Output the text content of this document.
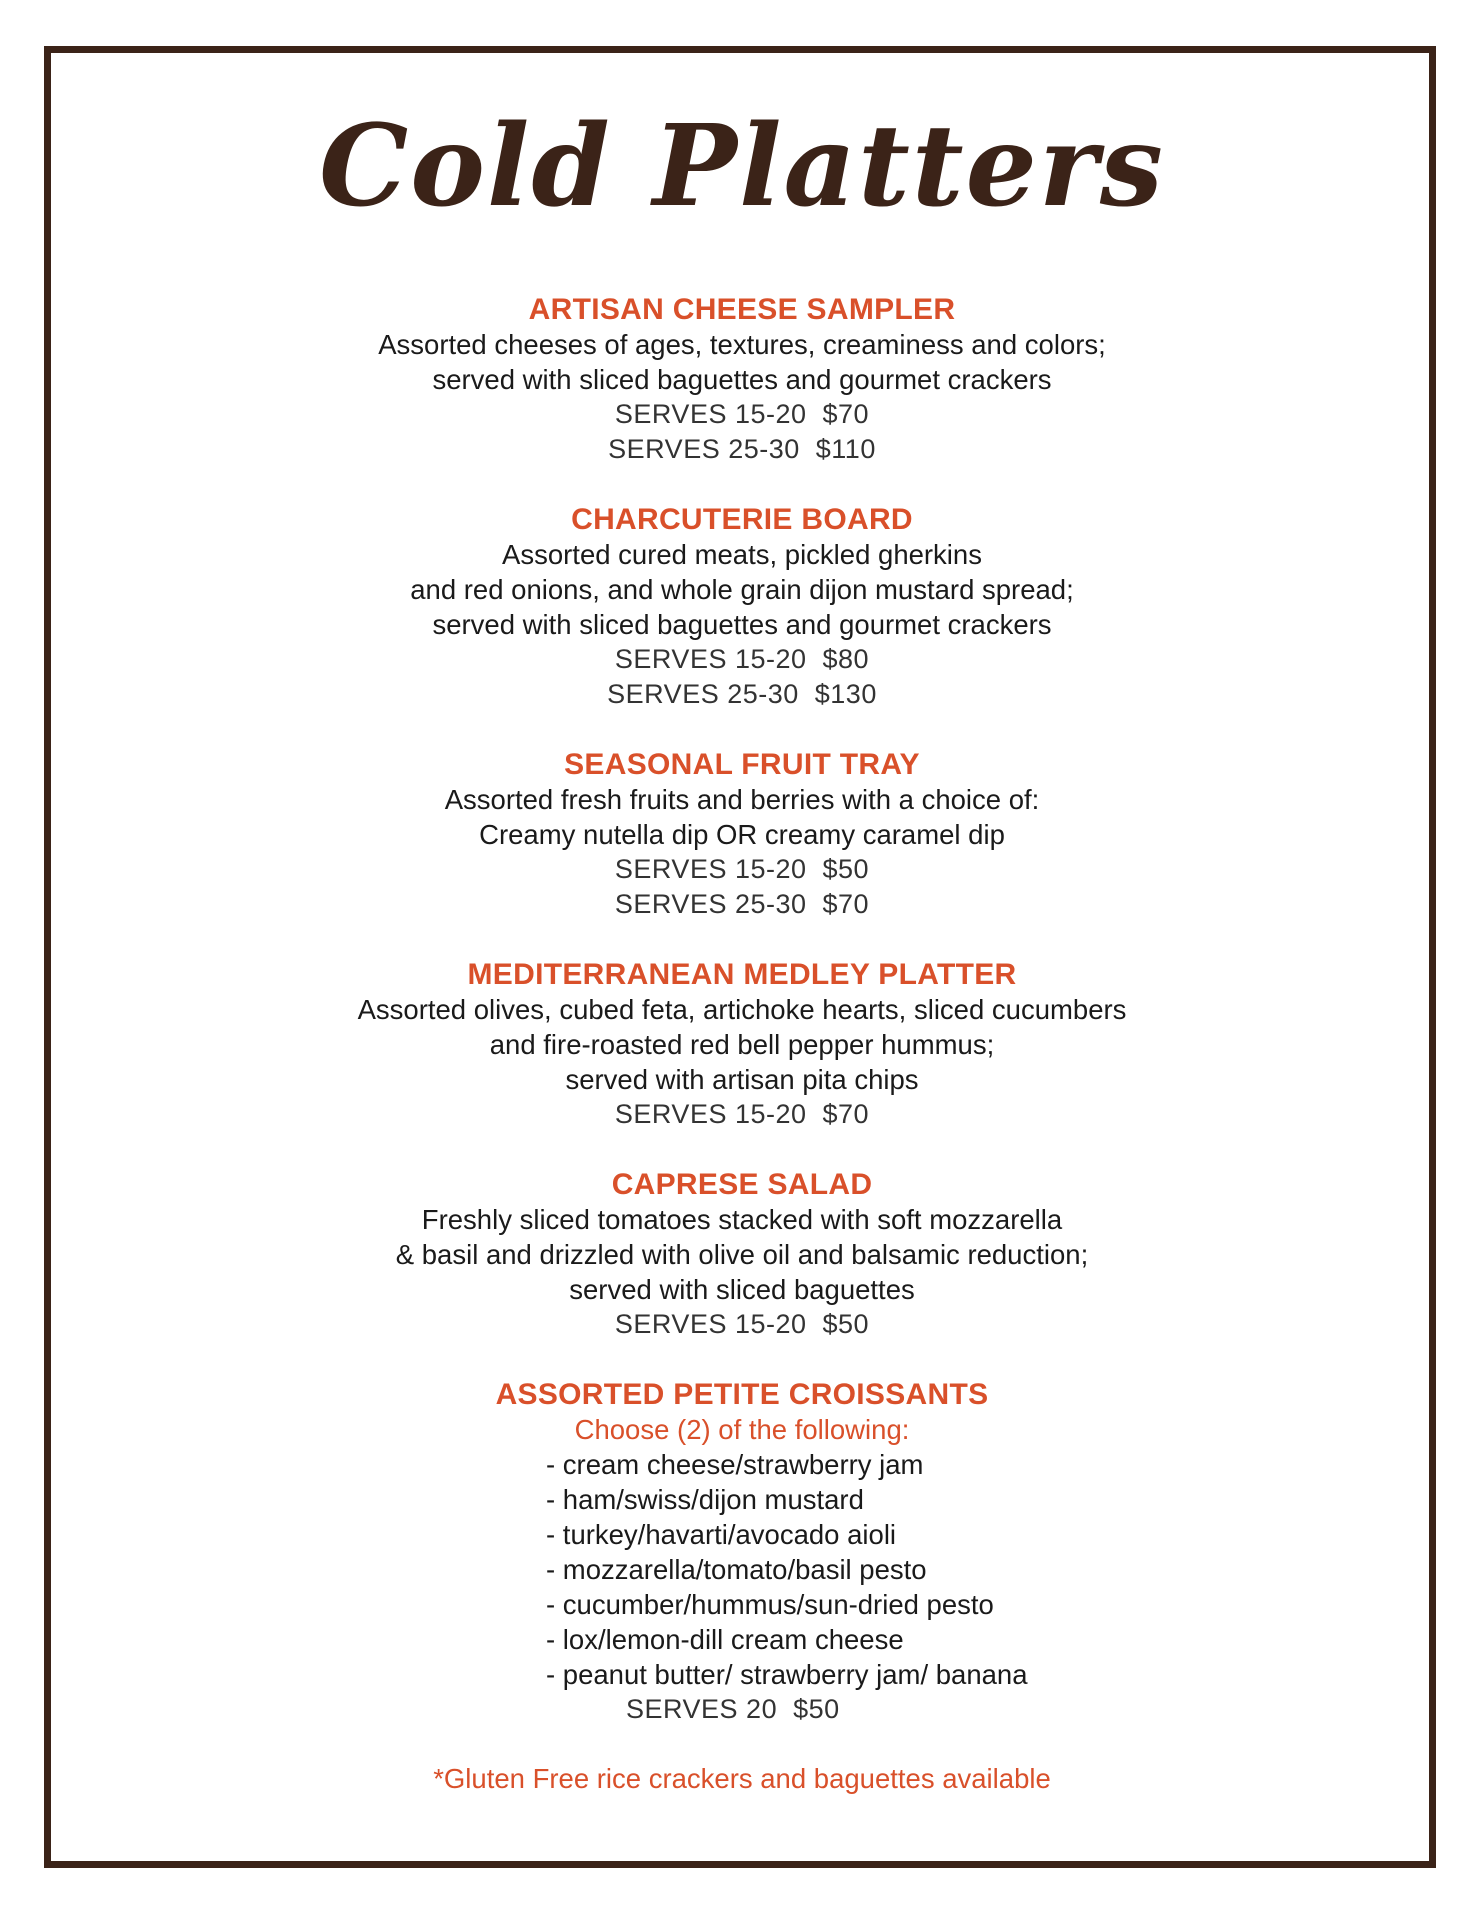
Cold Platters
ARTISAN CHEESE SAMPLER
Assorted cheeses of ages, textures, creaminess and colors;
served with sliced baguettes and gourmet crackers
SERVES 15-20  $70
SERVES 25-30  $110
CHARCUTERIE BOARD
Assorted cured meats, pickled gherkins
and red onions, and whole grain dijon mustard spread;
served with sliced baguettes and gourmet crackers
SERVES 15-20  $80
SERVES 25-30  $130
SEASONAL FRUIT TRAY
Assorted fresh fruits and berries with a choice of:
Creamy nutella dip OR creamy caramel dip
SERVES 15-20  $50
SERVES 25-30  $70
MEDITERRANEAN MEDLEY PLATTER
Assorted olives, cubed feta, artichoke hearts, sliced cucumbers
and fire-roasted red bell pepper hummus;
served with artisan pita chips
SERVES 15-20  $70
CAPRESE SALAD
Freshly sliced tomatoes stacked with soft mozzarella
& basil and drizzled with olive oil and balsamic reduction;
served with sliced baguettes
SERVES 15-20  $50
ASSORTED PETITE CROISSANTS
Choose (2) of the following:
- cream cheese/strawberry jam
- ham/swiss/dijon mustard
- turkey/havarti/avocado aioli
- mozzarella/tomato/basil pesto
- cucumber/hummus/sun-dried pesto
- lox/lemon-dill cream cheese
- peanut butter/ strawberry jam/ banana
SERVES 20  $50
*Gluten Free rice crackers and baguettes available
